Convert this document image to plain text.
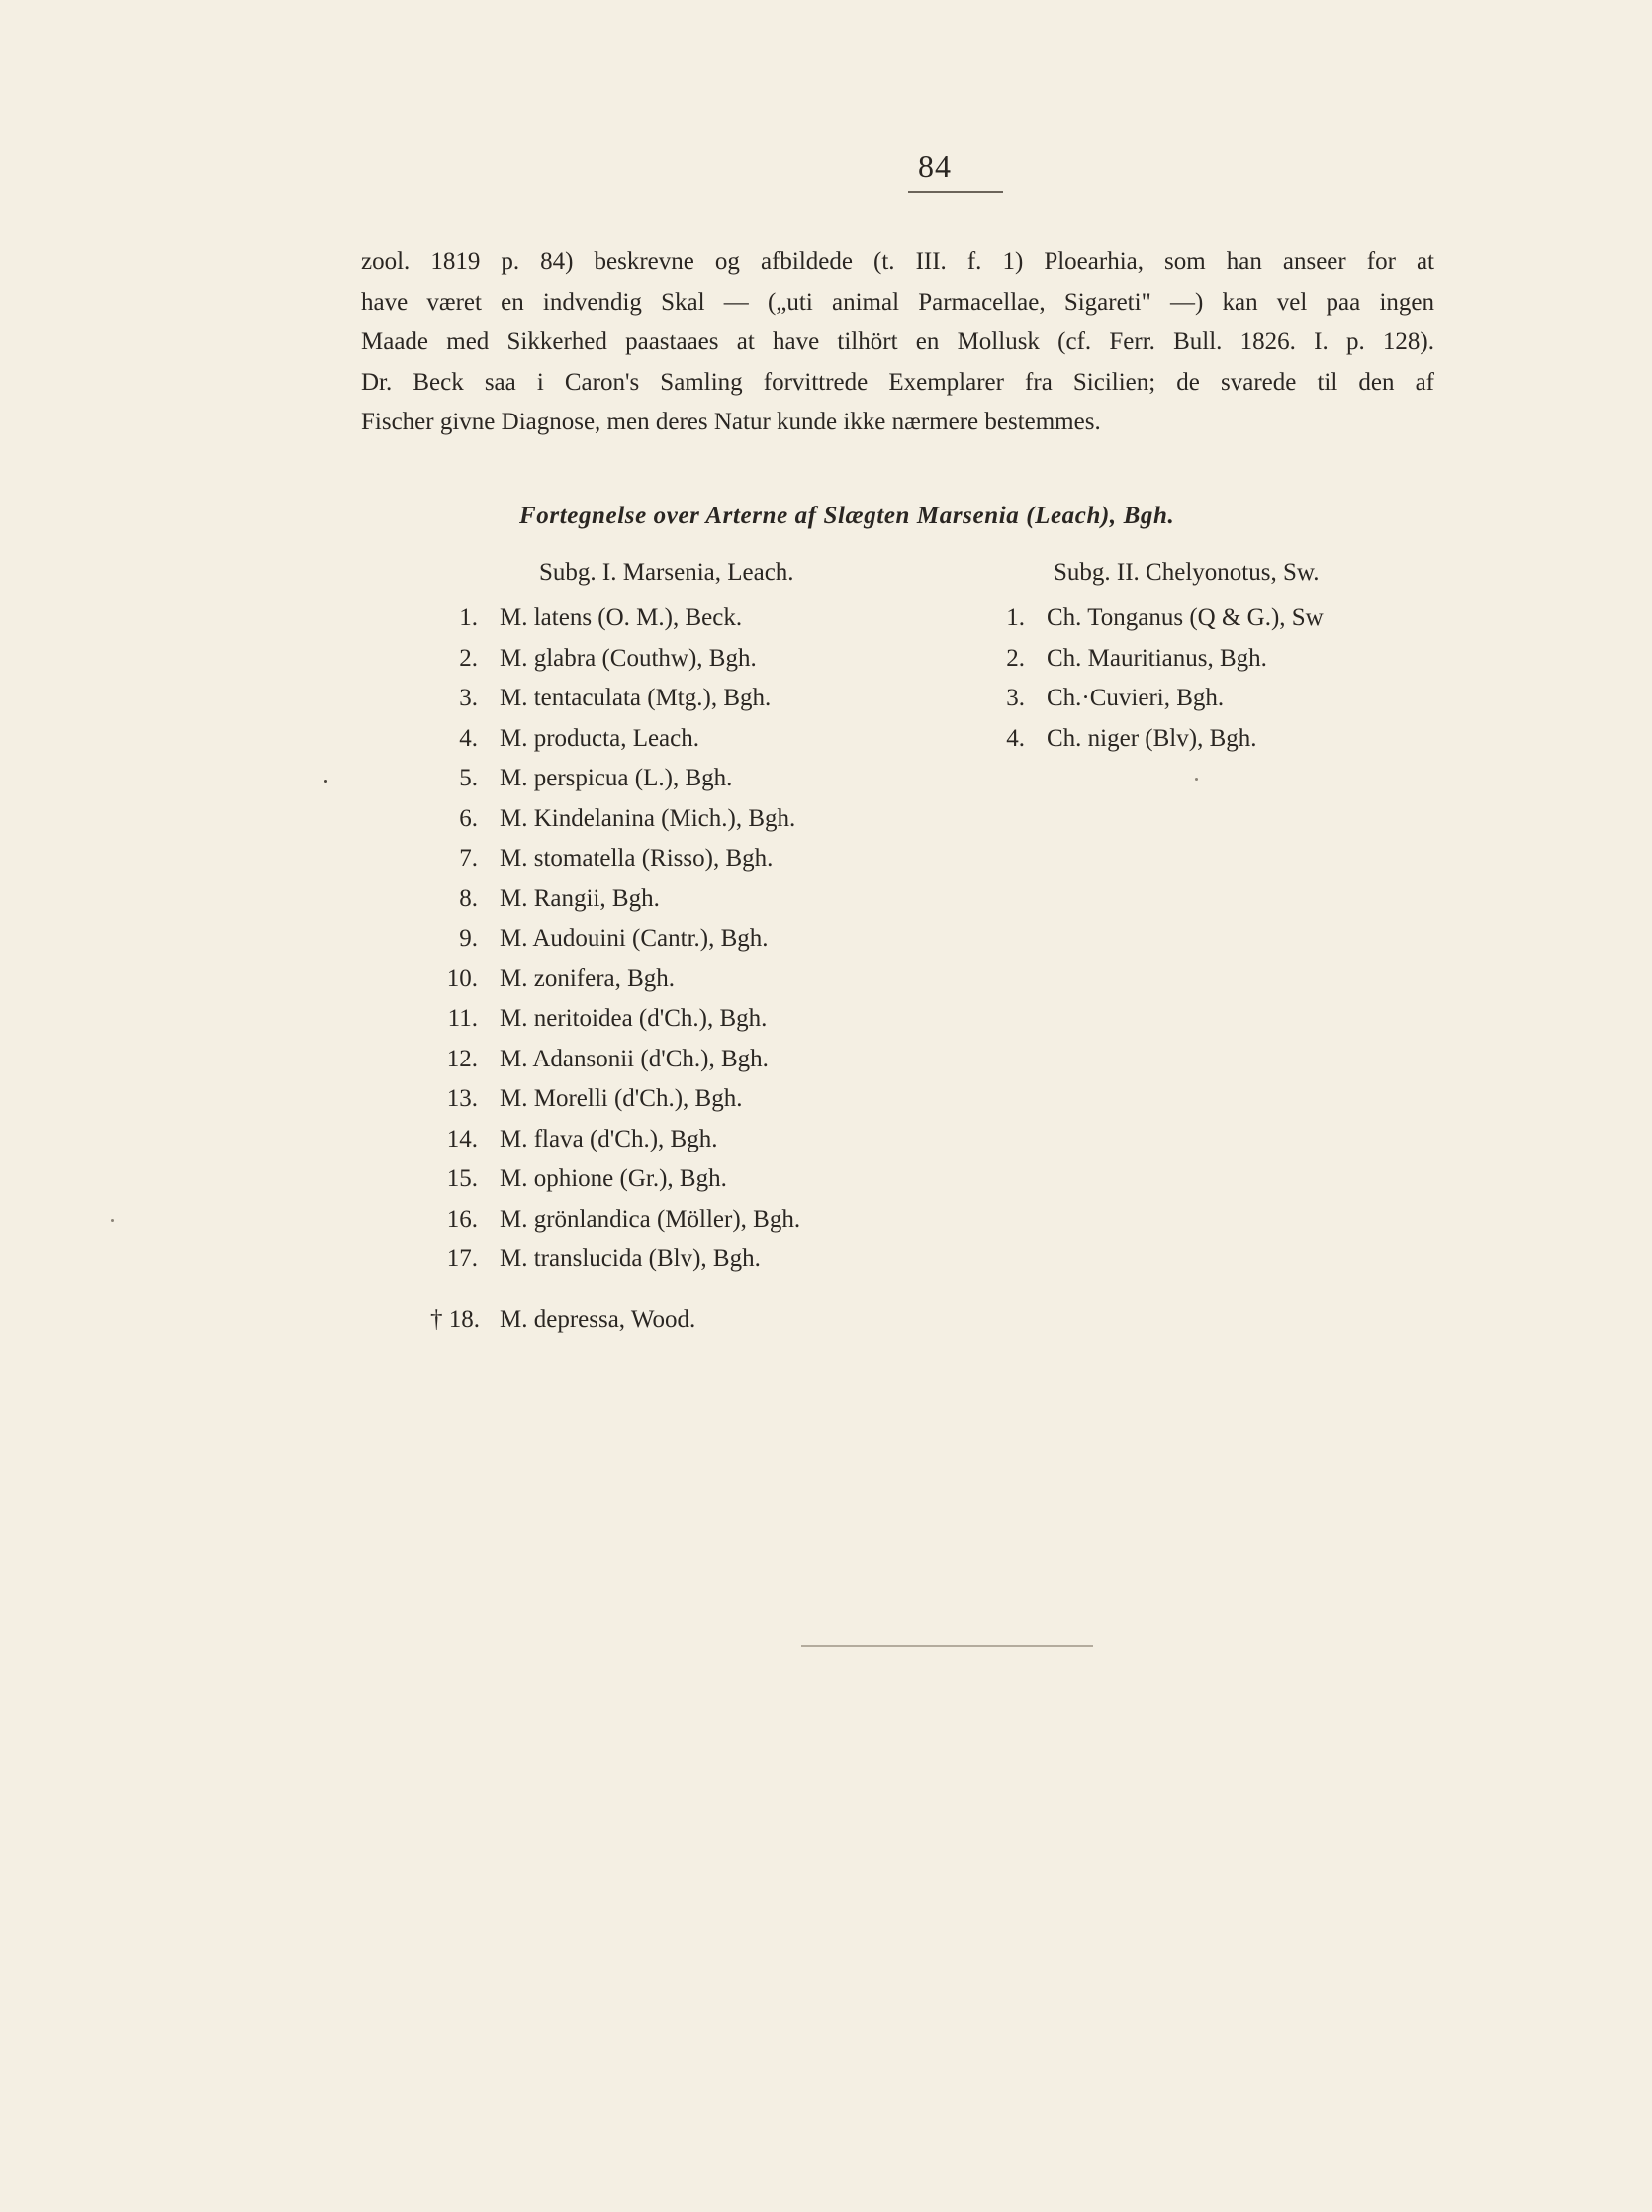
84
zool. 1819 p. 84) beskrevne og afbildede (t. III. f. 1) Ploearhia, som han anseer for at
have været en indvendig Skal — („uti animal Parmacellae, Sigareti" —) kan vel paa ingen
Maade med Sikkerhed paastaaes at have tilhört en Mollusk (cf. Ferr. Bull. 1826. I. p. 128).
Dr. Beck saa i Caron's Samling forvittrede Exemplarer fra Sicilien; de svarede til den af
Fischer givne Diagnose, men deres Natur kunde ikke nærmere bestemmes.
Fortegnelse over Arterne af Slægten Marsenia (Leach), Bgh.
Subg. I. Marsenia, Leach.	Subg. II. Chelyonotus, Sw.
1. M. latens (O. M.), Beck.
2. M. glabra (Couthw), Bgh.
3. M. tentaculata (Mtg.), Bgh.
4. M. producta, Leach.
5. M. perspicua (L.), Bgh.
6. M. Kindelanina (Mich.), Bgh.
7. M. stomatella (Risso), Bgh.
8. M. Rangii, Bgh.
9. M. Audouini (Cantr.), Bgh.
10. M. zonifera, Bgh.
11. M. neritoidea (d'Ch.), Bgh.
12. M. Adansonii (d'Ch.), Bgh.
13. M. Morelli (d'Ch.), Bgh.
14. M. flava (d'Ch.), Bgh.
15. M. ophione (Gr.), Bgh.
16. M. grönlandica (Möller), Bgh.
17. M. translucida (Blv), Bgh.
† 18. M. depressa, Wood.
1. Ch. Tonganus (Q & G.), Sw
2. Ch. Mauritianus, Bgh.
3. Ch.·Cuvieri, Bgh.
4. Ch. niger (Blv), Bgh.
